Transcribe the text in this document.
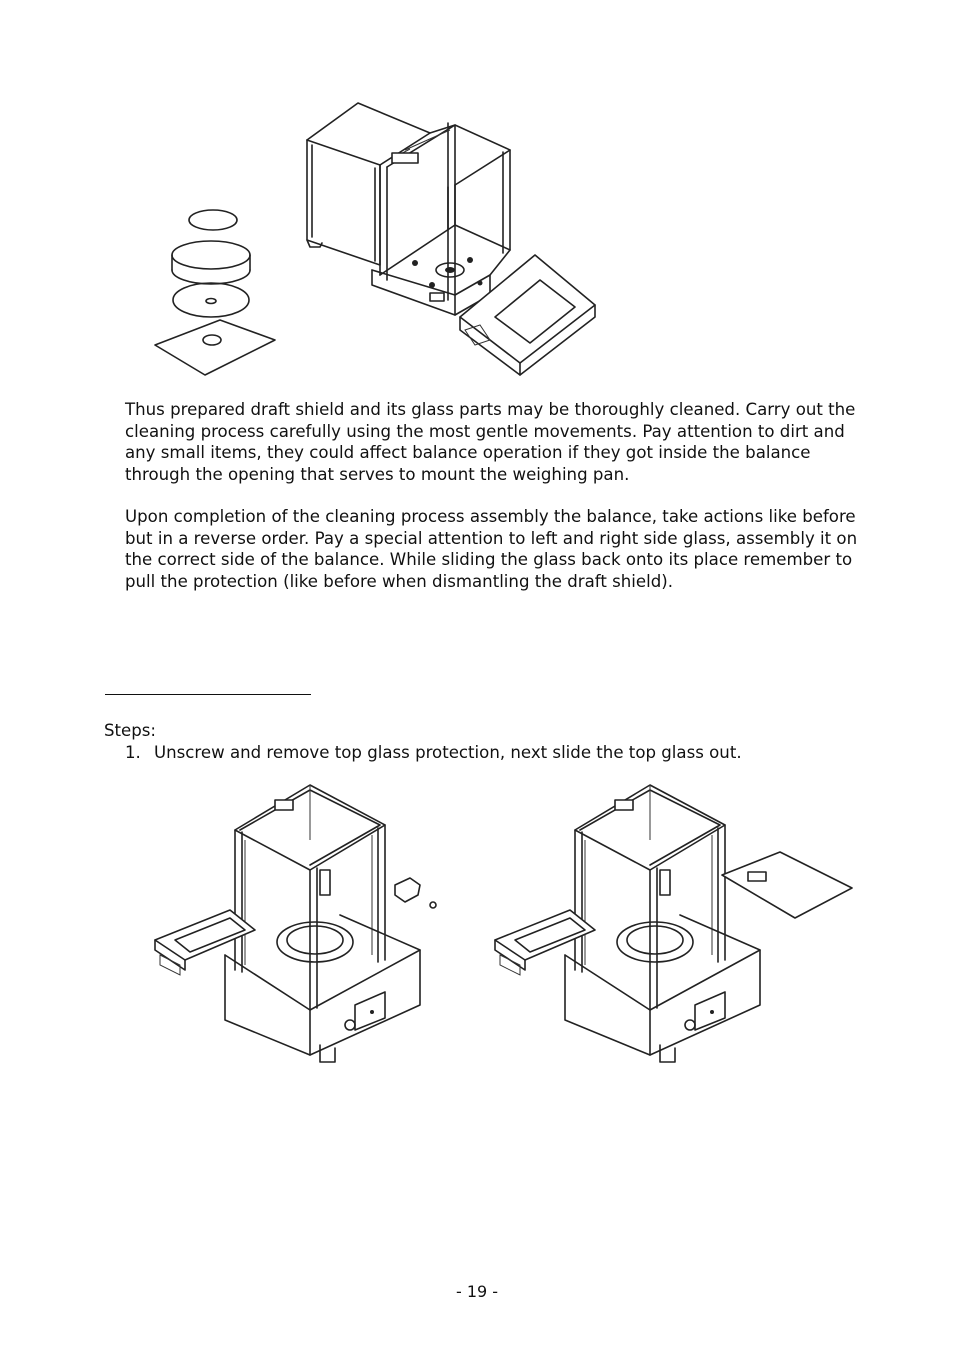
Thus prepared draft shield and its glass parts may be thoroughly cleaned. Carry out the cleaning process carefully using the most gentle movements. Pay attention to dirt and any small items, they could affect balance operation if they got inside the balance through the opening that serves to mount the weighing pan.

Upon completion of the cleaning process assembly the balance, take actions like before but in a reverse order. Pay a special attention to left and right side glass, assembly it on the correct side of the balance. While sliding the glass back onto its place remember to pull the protection (like before when dismantling the draft shield).

Steps:

1. Unscrew and remove top glass protection, next slide the top glass out.

- 19 -
